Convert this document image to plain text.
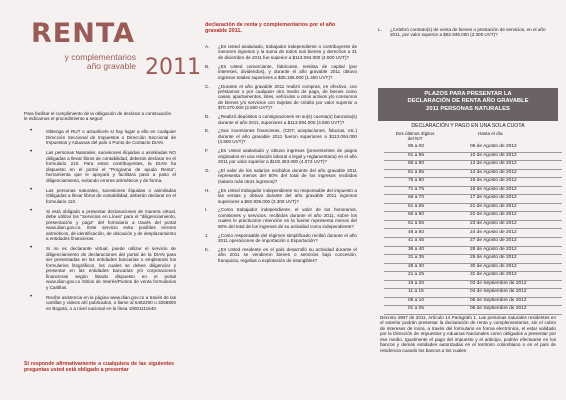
RENTA
y complementarios
año gravable 2011

Para facilitar el cumplimiento de la obligación de declarar a continuación le indicamos el procedimiento a seguir:

•	Obtenga el RUT o actualícelo si hay lugar a ello en cualquier Dirección Seccional de Impuestos o Dirección Seccional de Impuestos y Aduanas del país o Punto de Contacto DIAN.
•	Las personas Naturales, sucesiones ilíquidas o asimiladas NO obligadas a llevar libros de contabilidad, deberán declarar en el formulario 210. Para estos contribuyentes, la DIAN ha dispuesto en el portal el "Programa de ayuda Renta", herramienta que le apoyará y facilitará paso a paso el diligenciamiento, evitando errores aritméticos y de forma.
•	Las personas naturales, sucesiones ilíquidas o asimiladas Obligadas a llevar libros de contabilidad, deberán declarar en el formulario 110.
•	Si está obligado a presentar declaraciones de manera virtual, debe utilizar los "Servicios en Línea" para el "diligenciamiento, presentación y pago" del formulario a través del portal www.dian.gov.co. Este servicio evita posibles errores aritméticos, de identificación, de ubicación y de desplazamiento a entidades financieras.
•	Si no es declarante virtual, puede utilizar el servicio de diligenciamiento de declaraciones del portal de la DIAN para ser presentadas en las entidades bancarias o empleando los formularios litográficos, los cuales se deben diligenciar y presentar en las entidades bancarias y/o corporaciones financieras según listado dispuesto en el portal www.dian.gov.co /Sitios de Interés/Puntos de venta formularios y Cartillas.
•	Recibe asistencia en la página www.dian.gov.co a través de las cartillas y videos ahí publicados, o llame al 5462200 o 3256800 en Bogotá, o a nivel nacional en la línea 19001111540.

Si responde afirmativamente a cualquiera de las siguientes preguntas usted está obligado a presentar

declaración de renta y complementarios por el año gravable 2011.

A. ¿Es Usted asalariado, trabajador independiente o contribuyente de menores ingresos y la suma de todos sus bienes y derechos a 31 de diciembre de 2011 fue superior a $113.094.000 (4.500 UVT)?
B. ¿Es Usted comerciante, fabricante, rentista de capital (por intereses, dividendos), y durante el año gravable 2011 obtuvo ingresos totales superiores a $35.185.000 (1.400 UVT)?
C. ¿Durante el año gravable 2011 realizó compras, en efectivo, con préstamos o por cualquier otro medio de pago, de bienes como casas, apartamentos, lotes, vehículos u otros activos y/o consumos de bienes y/o servicios con tarjetas de crédito por valor superior a $70.370.000 (2.800 UVT)?
D. ¿Realizó depósitos o consignaciones en su(s) cuenta(s) bancaria(s) durante el año 2011, superiores a $113.094.000 (4.500 UVT)?
E. ¿Sus inversiones financieras, (CDT, aceptaciones, fiducias, etc.) durante el año gravable 2011 fueron superiores a $113.094.000 (4.500 UVT)?
F. ¿Es Usted asalariado y obtuvo ingresos (provenientes de pagos originados en una relación laboral o legal y reglamentaria) en el año 2011 por valor superior a $102.363.000 (4.073 UVT)?
G. ¿El valor de los salarios recibidos durante del año gravable 2011 representa menos del 80% del total de los ingresos recibidos (salario más otros ingresos)?
H. ¿Es Usted trabajador independiente no responsable del impuesto a las ventas y obtuvo durante del año gravable 2011 ingresos superiores a $82.936.000 (3.300 UVT)?
I. ¿Como trabajador independiente, el valor de los honorarios, comisiones y servicios, recibidos durante el año 2011, sobre los cuales le practicaron retención en la fuente representa menos del 80% del total de los ingresos de su actividad como independiente?
J. ¿Como responsable del régimen simplificado recibió durante el año 2011 operaciones de importación o Exportación?
K. ¿Es Usted residente en el país desarrolló su actividad durante el año 2011 se vendieron bienes o servicios bajo concesión, franquicia, regalías o explotación de intangibles?
L. ¿Celebró contrato(s) de venta de bienes o prestación de servicios, en el año 2011, por valor superior a $82.936.000 (3.300 UVT)?
PLAZOS PARA PRESENTAR LA
DECLARACIÓN DE RENTA AÑO GRAVABLE
2011 PERSONAS NATURALES
DECLARACIÓN Y PAGO EN UNA SOLA CUOTA
Dos últimos dígitos
del NIT
Hasta el día
96 a 00	09 de Agosto de 2012
91 a 95	10 de Agosto de 2012
86 a 90	13 de Agosto de 2012
81 a 85	14 de Agosto de 2012
76 a 80	15 de Agosto de 2012
71 a 75	16 de Agosto de 2012
66 a 70	17 de Agosto de 2012
61 a 65	21 de Agosto de 2012
56 a 60	22 de Agosto de 2012
51 a 55	23 de Agosto de 2012
46 a 50	24 de Agosto de 2012
41 a 45	27 de Agosto de 2012
36 a 40	28 de Agosto de 2012
31 a 35	29 de Agosto de 2012
26 a 30	30 de Agosto de 2012
21 a 25	31 de Agosto de 2012
16 a 20	03 de Septiembre de 2012
11 a 15	04 de Septiembre de 2012
06 a 10	05 de Septiembre de 2012
01 a 05	06 de Septiembre de 2012

Decreto 4907 de 2011, Artículo 14 Parágrafo 1. Las personas naturales residentes en el exterior podrán presentar la declaración de renta y complementarios, sin el cobro de intereses de mora, a través del formulario en forma electrónica, el estar validado por la Dirección de Impuestos y Aduanas Nacionales como obligados a presentar por ese medio. Igualmente el pago del impuesto y el anticipo, podrán efectuarse en los bancos y demás entidades autorizadas en el territorio colombiano o en el país de residencia cuando los bancos a los cuales
